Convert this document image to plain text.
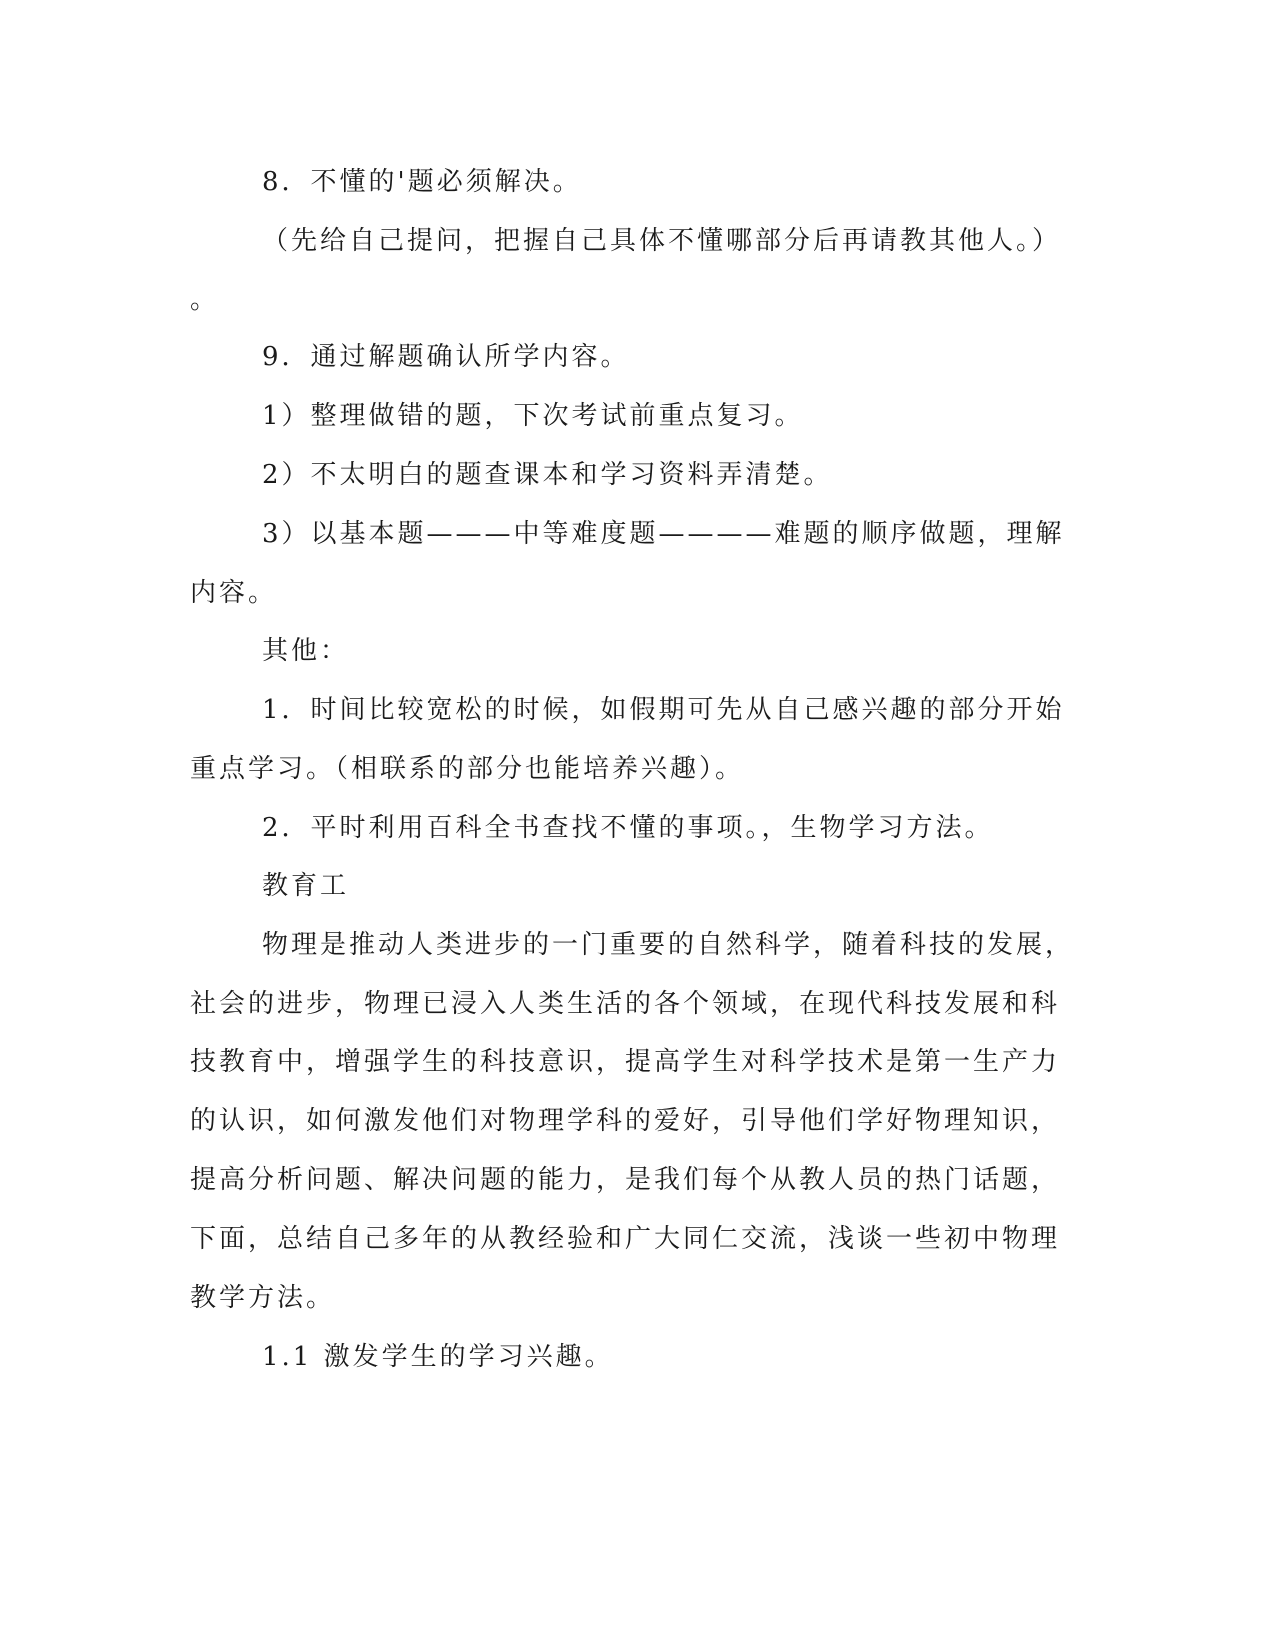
8．不懂的'题必须解决。
（先给自己提问，把握自己具体不懂哪部分后再请教其他人。）
。
9．通过解题确认所学内容。
1）整理做错的题，下次考试前重点复习。
2）不太明白的题查课本和学习资料弄清楚。
3）以基本题———中等难度题————难题的顺序做题，理解
内容。
其他：
1．时间比较宽松的时候，如假期可先从自己感兴趣的部分开始
重点学习。（相联系的部分也能培养兴趣）。
2．平时利用百科全书查找不懂的事项。，生物学习方法。
教育工
物理是推动人类进步的一门重要的自然科学，随着科技的发展，
社会的进步，物理已浸入人类生活的各个领域，在现代科技发展和科
技教育中，增强学生的科技意识，提高学生对科学技术是第一生产力
的认识，如何激发他们对物理学科的爱好，引导他们学好物理知识，
提高分析问题、解决问题的能力，是我们每个从教人员的热门话题，
下面，总结自己多年的从教经验和广大同仁交流，浅谈一些初中物理
教学方法。
1.1 激发学生的学习兴趣。
